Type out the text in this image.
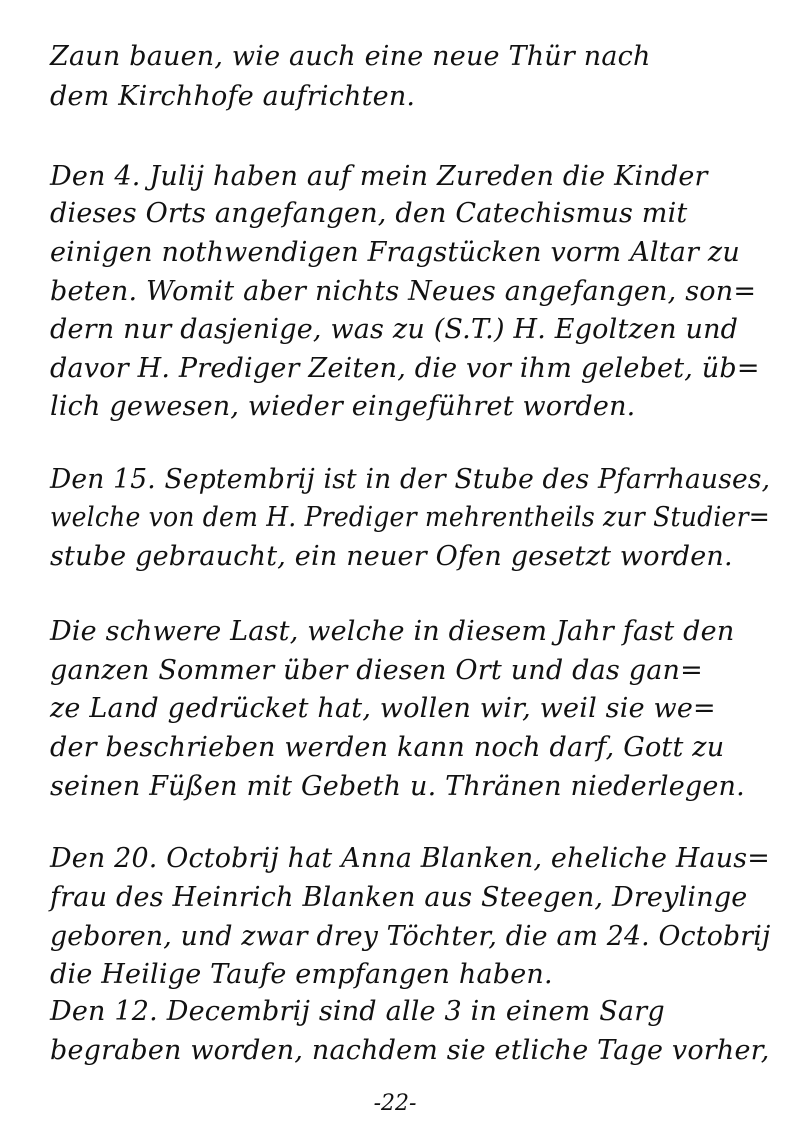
Zaun bauen, wie auch eine neue Thür nach
dem Kirchhofe aufrichten.
Den 4. Julij haben auf mein Zureden die Kinder
dieses Orts angefangen, den Catechismus mit
einigen nothwendigen Fragstücken vorm Altar zu
beten. Womit aber nichts Neues angefangen, son=
dern nur dasjenige, was zu (S.T.) H. Egoltzen und
davor H. Prediger Zeiten, die vor ihm gelebet, üb=
lich gewesen, wieder eingeführet worden.
Den 15. Septembrij ist in der Stube des Pfarrhauses,
welche von dem H. Prediger mehrentheils zur Studier=
stube gebraucht, ein neuer Ofen gesetzt worden.
Die schwere Last, welche in diesem Jahr fast den
ganzen Sommer über diesen Ort und das gan=
ze Land gedrücket hat, wollen wir, weil sie we=
der beschrieben werden kann noch darf, Gott zu
seinen Füßen mit Gebeth u. Thränen niederlegen.
Den 20. Octobrij hat Anna Blanken, eheliche Haus=
frau des Heinrich Blanken aus Steegen, Dreylinge
geboren, und zwar drey Töchter, die am 24. Octobrij
die Heilige Taufe empfangen haben.
Den 12. Decembrij sind alle 3 in einem Sarg
begraben worden, nachdem sie etliche Tage vorher,
-22-
